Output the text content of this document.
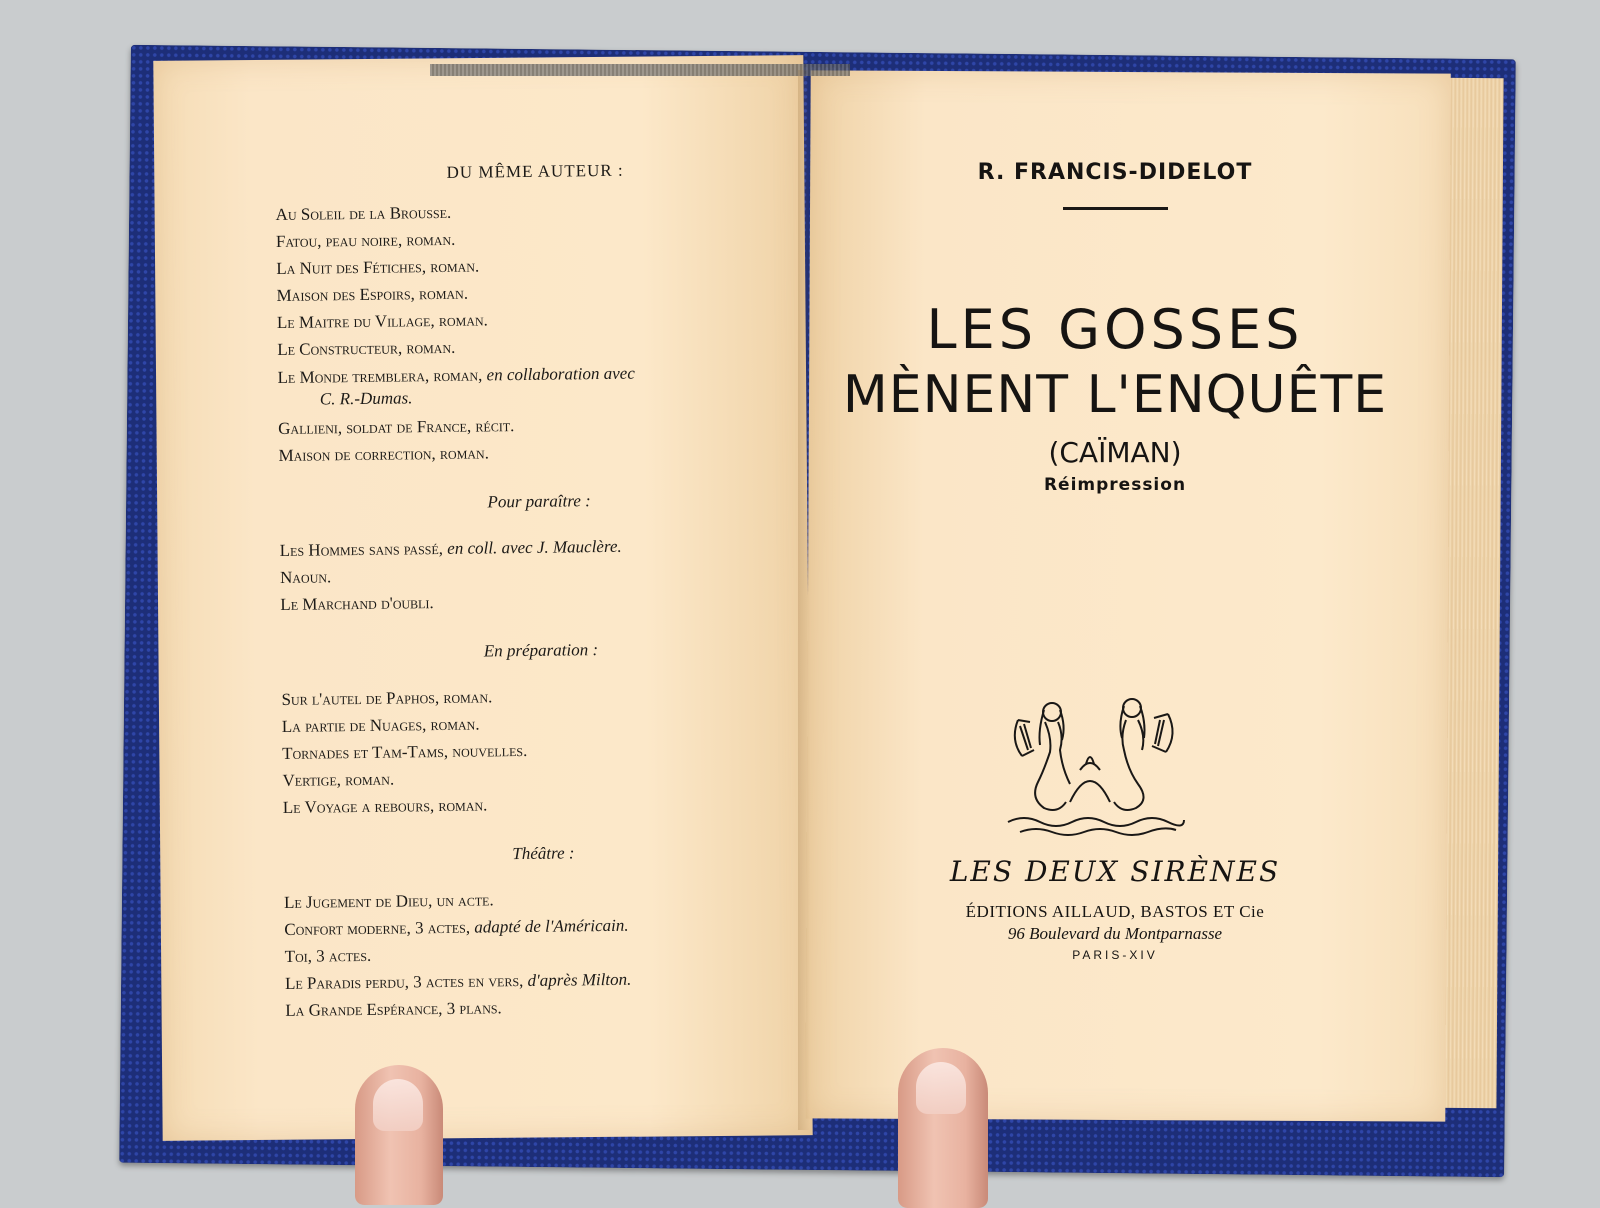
DU MÊME AUTEUR :
Au Soleil de la Brousse.
Fatou, peau noire, roman.
La Nuit des Fétiches, roman.
Maison des Espoirs, roman.
Le Maitre du Village, roman.
Le Constructeur, roman.
Le Monde tremblera, roman, en collaboration avec
C. R.-Dumas.
Gallieni, soldat de France, récit.
Maison de correction, roman.
Pour paraître :
Les Hommes sans passé, en coll. avec J. Mauclère.
Naoun.
Le Marchand d'oubli.
En préparation :
Sur l'autel de Paphos, roman.
La partie de Nuages, roman.
Tornades et Tam-Tams, nouvelles.
Vertige, roman.
Le Voyage a rebours, roman.
Théâtre :
Le Jugement de Dieu, un acte.
Confort moderne, 3 actes, adapté de l'Américain.
Toi, 3 actes.
Le Paradis perdu, 3 actes en vers, d'après Milton.
La Grande Espérance, 3 plans.
R. FRANCIS-DIDELOT
LES GOSSES
MÈNENT L'ENQUÊTE
(CAÏMAN)
Réimpression
LES DEUX SIRÈNES
ÉDITIONS AILLAUD, BASTOS ET Cie
96 Boulevard du Montparnasse
PARIS-XIV
